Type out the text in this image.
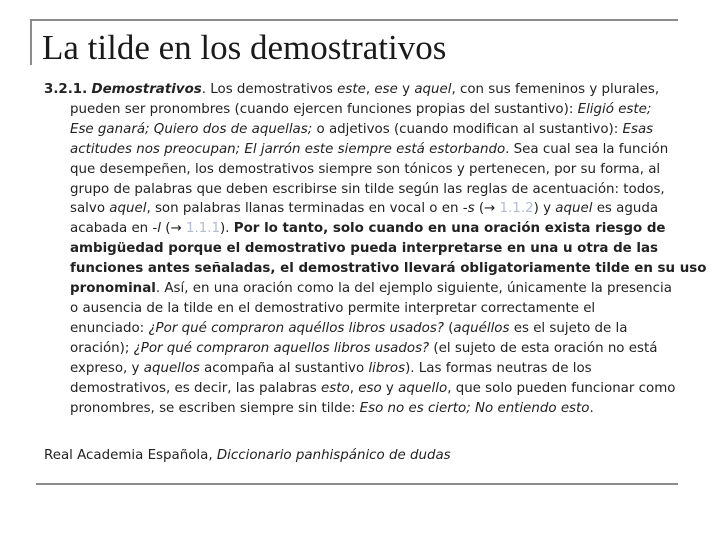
La tilde en los demostrativos

3.2.1. Demostrativos. Los demostrativos este, ese y aquel, con sus femeninos y plurales,
pueden ser pronombres (cuando ejercen funciones propias del sustantivo): Eligió este;
Ese ganará; Quiero dos de aquellas; o adjetivos (cuando modifican al sustantivo): Esas
actitudes nos preocupan; El jarrón este siempre está estorbando. Sea cual sea la función
que desempeñen, los demostrativos siempre son tónicos y pertenecen, por su forma, al
grupo de palabras que deben escribirse sin tilde según las reglas de acentuación: todos,
salvo aquel, son palabras llanas terminadas en vocal o en -s (→ 1.1.2) y aquel es aguda
acabada en -l (→ 1.1.1). Por lo tanto, solo cuando en una oración exista riesgo de
ambigüedad porque el demostrativo pueda interpretarse en una u otra de las
funciones antes señaladas, el demostrativo llevará obligatoriamente tilde en su uso
pronominal. Así, en una oración como la del ejemplo siguiente, únicamente la presencia
o ausencia de la tilde en el demostrativo permite interpretar correctamente el
enunciado: ¿Por qué compraron aquéllos libros usados? (aquéllos es el sujeto de la
oración); ¿Por qué compraron aquellos libros usados? (el sujeto de esta oración no está
expreso, y aquellos acompaña al sustantivo libros). Las formas neutras de los
demostrativos, es decir, las palabras esto, eso y aquello, que solo pueden funcionar como
pronombres, se escriben siempre sin tilde: Eso no es cierto; No entiendo esto.

Real Academia Española, Diccionario panhispánico de dudas
